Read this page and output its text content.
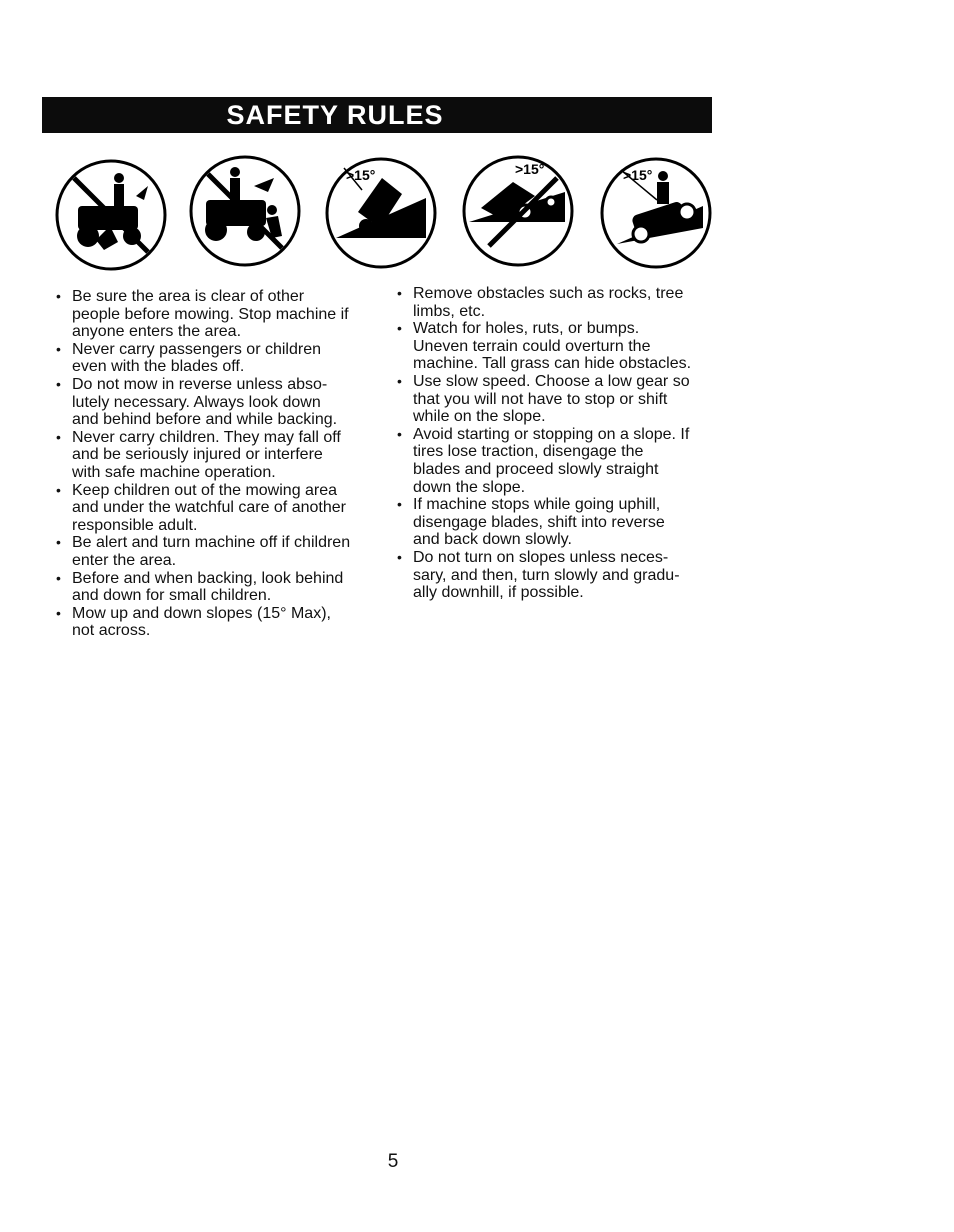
SAFETY RULES
>15°	>15°	>15°
• Be sure the area is clear of other
people before mowing. Stop machine if
anyone enters the area.
• Never carry passengers or children
even with the blades off.
• Do not mow in reverse unless abso-
lutely necessary. Always look down
and behind before and while backing.
• Never carry children. They may fall off
and be seriously injured or interfere
with safe machine operation.
• Keep children out of the mowing area
and under the watchful care of another
responsible adult.
• Be alert and turn machine off if children
enter the area.
• Before and when backing, look behind
and down for small children.
• Mow up and down slopes (15° Max),
not across.
• Remove obstacles such as rocks, tree
limbs, etc.
• Watch for holes, ruts, or bumps.
Uneven terrain could overturn the
machine. Tall grass can hide obstacles.
• Use slow speed. Choose a low gear so
that you will not have to stop or shift
while on the slope.
• Avoid starting or stopping on a slope. If
tires lose traction, disengage the
blades and proceed slowly straight
down the slope.
• If machine stops while going uphill,
disengage blades, shift into reverse
and back down slowly.
• Do not turn on slopes unless neces-
sary, and then, turn slowly and gradu-
ally downhill, if possible.
5
